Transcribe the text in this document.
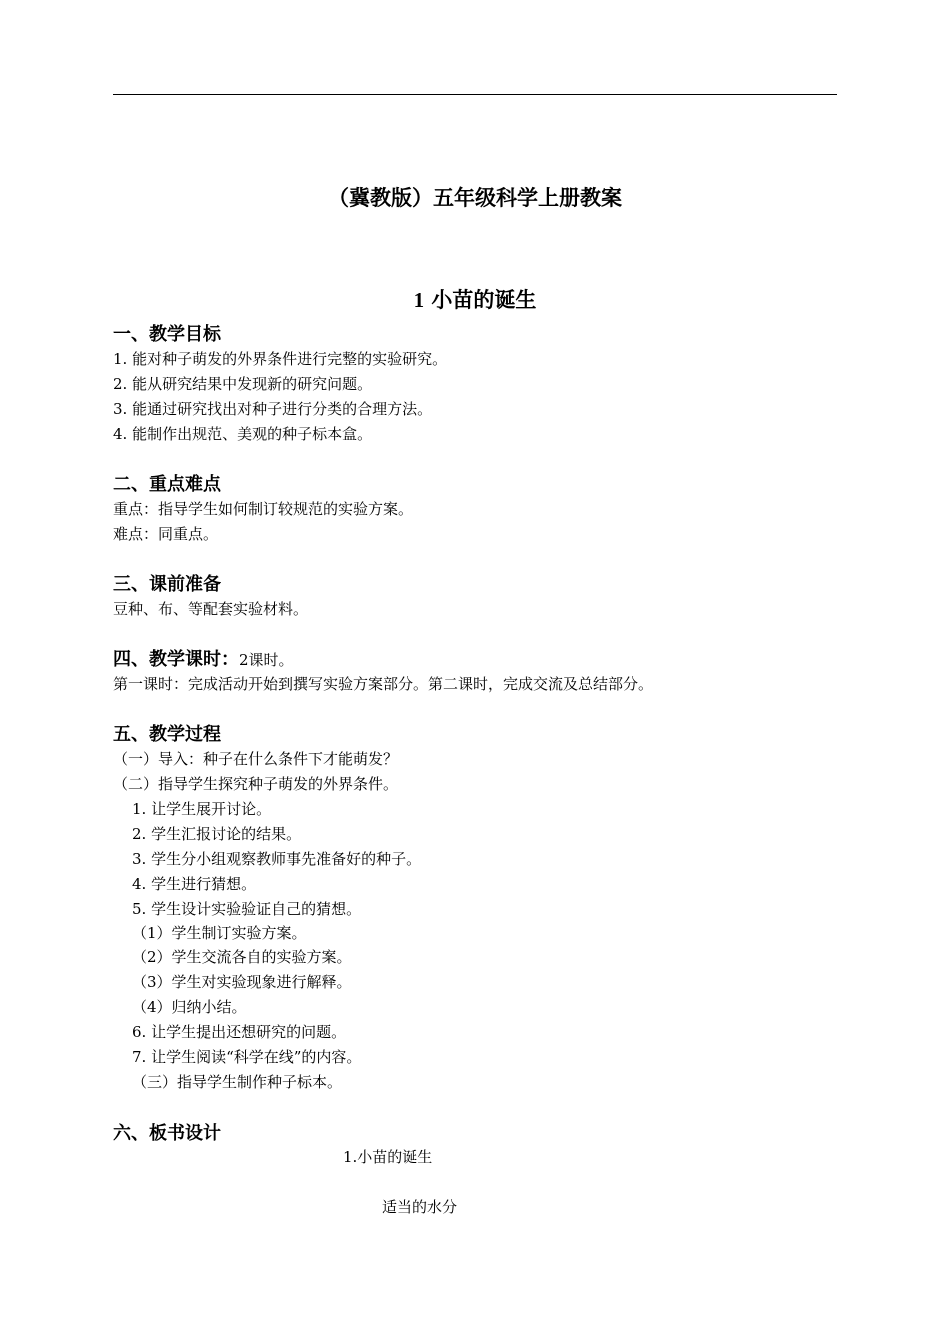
（冀教版）五年级科学上册教案
1 小苗的诞生
一、教学目标
1. 能对种子萌发的外界条件进行完整的实验研究。
2. 能从研究结果中发现新的研究问题。
3. 能通过研究找出对种子进行分类的合理方法。
4. 能制作出规范、美观的种子标本盒。
二、重点难点
重点：指导学生如何制订较规范的实验方案。
难点：同重点。
三、课前准备
豆种、布、等配套实验材料。
四、教学课时：2课时。
第一课时：完成活动开始到撰写实验方案部分。第二课时，完成交流及总结部分。
五、教学过程
（一）导入：种子在什么条件下才能萌发？
（二）指导学生探究种子萌发的外界条件。
1. 让学生展开讨论。
2. 学生汇报讨论的结果。
3. 学生分小组观察教师事先准备好的种子。
4. 学生进行猜想。
5. 学生设计实验验证自己的猜想。
（1）学生制订实验方案。
（2）学生交流各自的实验方案。
（3）学生对实验现象进行解释。
（4）归纳小结。
6. 让学生提出还想研究的问题。
7. 让学生阅读“科学在线”的内容。
（三）指导学生制作种子标本。
六、板书设计
1.小苗的诞生
适当的水分
